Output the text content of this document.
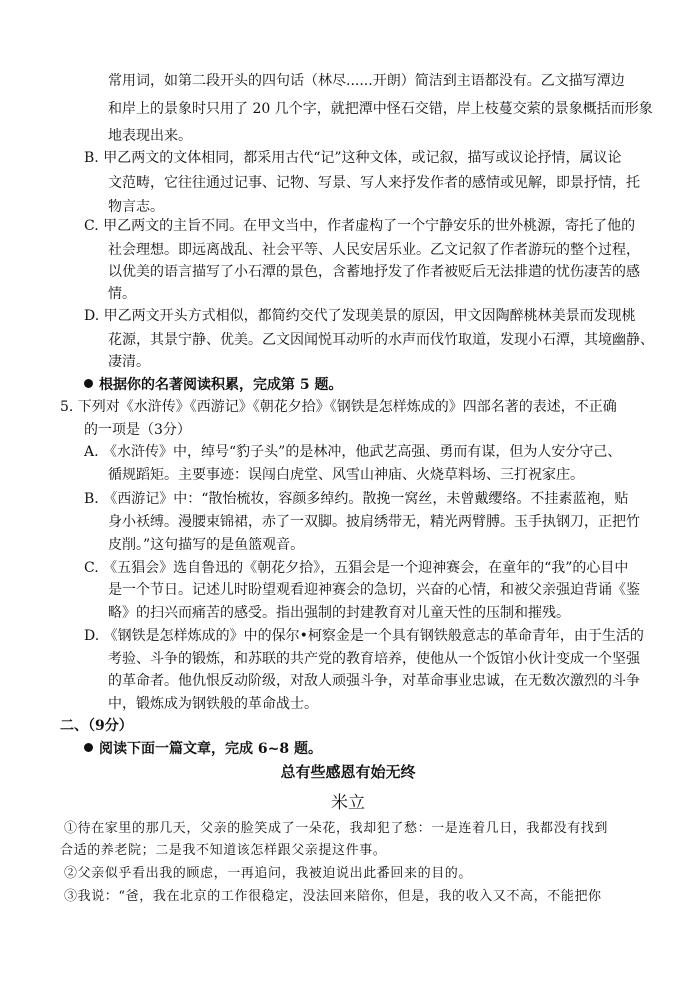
常用词，如第二段开头的四句话（林尽......开朗）简洁到主语都没有。乙文描写潭边
和岸上的景象时只用了 20 几个字，就把潭中怪石交错，岸上枝蔓交萦的景象概括而形象
地表现出来。
B. 甲乙两文的文体相同，都采用古代“记”这种文体，或记叙，描写或议论抒情，属议论
文范畴，它往往通过记事、记物、写景、写人来抒发作者的感情或见解，即景抒情，托
物言志。
C. 甲乙两文的主旨不同。在甲文当中，作者虚构了一个宁静安乐的世外桃源，寄托了他的
社会理想。即远离战乱、社会平等、人民安居乐业。乙文记叙了作者游玩的整个过程，
以优美的语言描写了小石潭的景色，含蓄地抒发了作者被贬后无法排遣的忧伤凄苦的感
情。
D. 甲乙两文开头方式相似，都简约交代了发现美景的原因，甲文因陶醉桃林美景而发现桃
花源，其景宁静、优美。乙文因闻悦耳动听的水声而伐竹取道，发现小石潭，其境幽静、
凄清。
根据你的名著阅读积累，完成第 5 题。
5. 下列对《水浒传》《西游记》《朝花夕拾》《钢铁是怎样炼成的》四部名著的表述，不正确
的一项是（3分）
A. 《水浒传》中，绰号“豹子头”的是林冲，他武艺高强、勇而有谋，但为人安分守己、
循规蹈矩。主要事迹：误闯白虎堂、风雪山神庙、火烧草料场、三打祝家庄。
B. 《西游记》中：“散怡梳妆，容颜多绰约。散挽一窝丝，未曾戴缨络。不挂素蓝袍，贴
身小袄缚。漫腰束锦裙，赤了一双脚。披肩绣带无，精光两臂膊。玉手执钢刀，正把竹
皮削。”这句描写的是鱼篮观音。
C. 《五猖会》选自鲁迅的《朝花夕拾》，五猖会是一个迎神赛会，在童年的“我”的心目中
是一个节日。记述儿时盼望观看迎神赛会的急切，兴奋的心情，和被父亲强迫背诵《鉴
略》的扫兴而痛苦的感受。指出强制的封建教育对儿童天性的压制和摧残。
D. 《钢铁是怎样炼成的》中的保尔•柯察金是一个具有钢铁般意志的革命青年，由于生活的
考验、斗争的锻炼，和苏联的共产党的教育培养，使他从一个饭馆小伙计变成一个坚强
的革命者。他仇恨反动阶级，对敌人顽强斗争，对革命事业忠诚，在无数次激烈的斗争
中，锻炼成为钢铁般的革命战士。
二、（9分）
阅读下面一篇文章，完成 6~8 题。
总有些感恩有始无终
米立
①待在家里的那几天，父亲的脸笑成了一朵花，我却犯了愁：一是连着几日，我都没有找到
合适的养老院；二是我不知道该怎样跟父亲提这件事。
②父亲似乎看出我的顾虑，一再追问，我被迫说出此番回来的目的。
③我说：“爸，我在北京的工作很稳定，没法回来陪你，但是，我的收入又不高，不能把你
